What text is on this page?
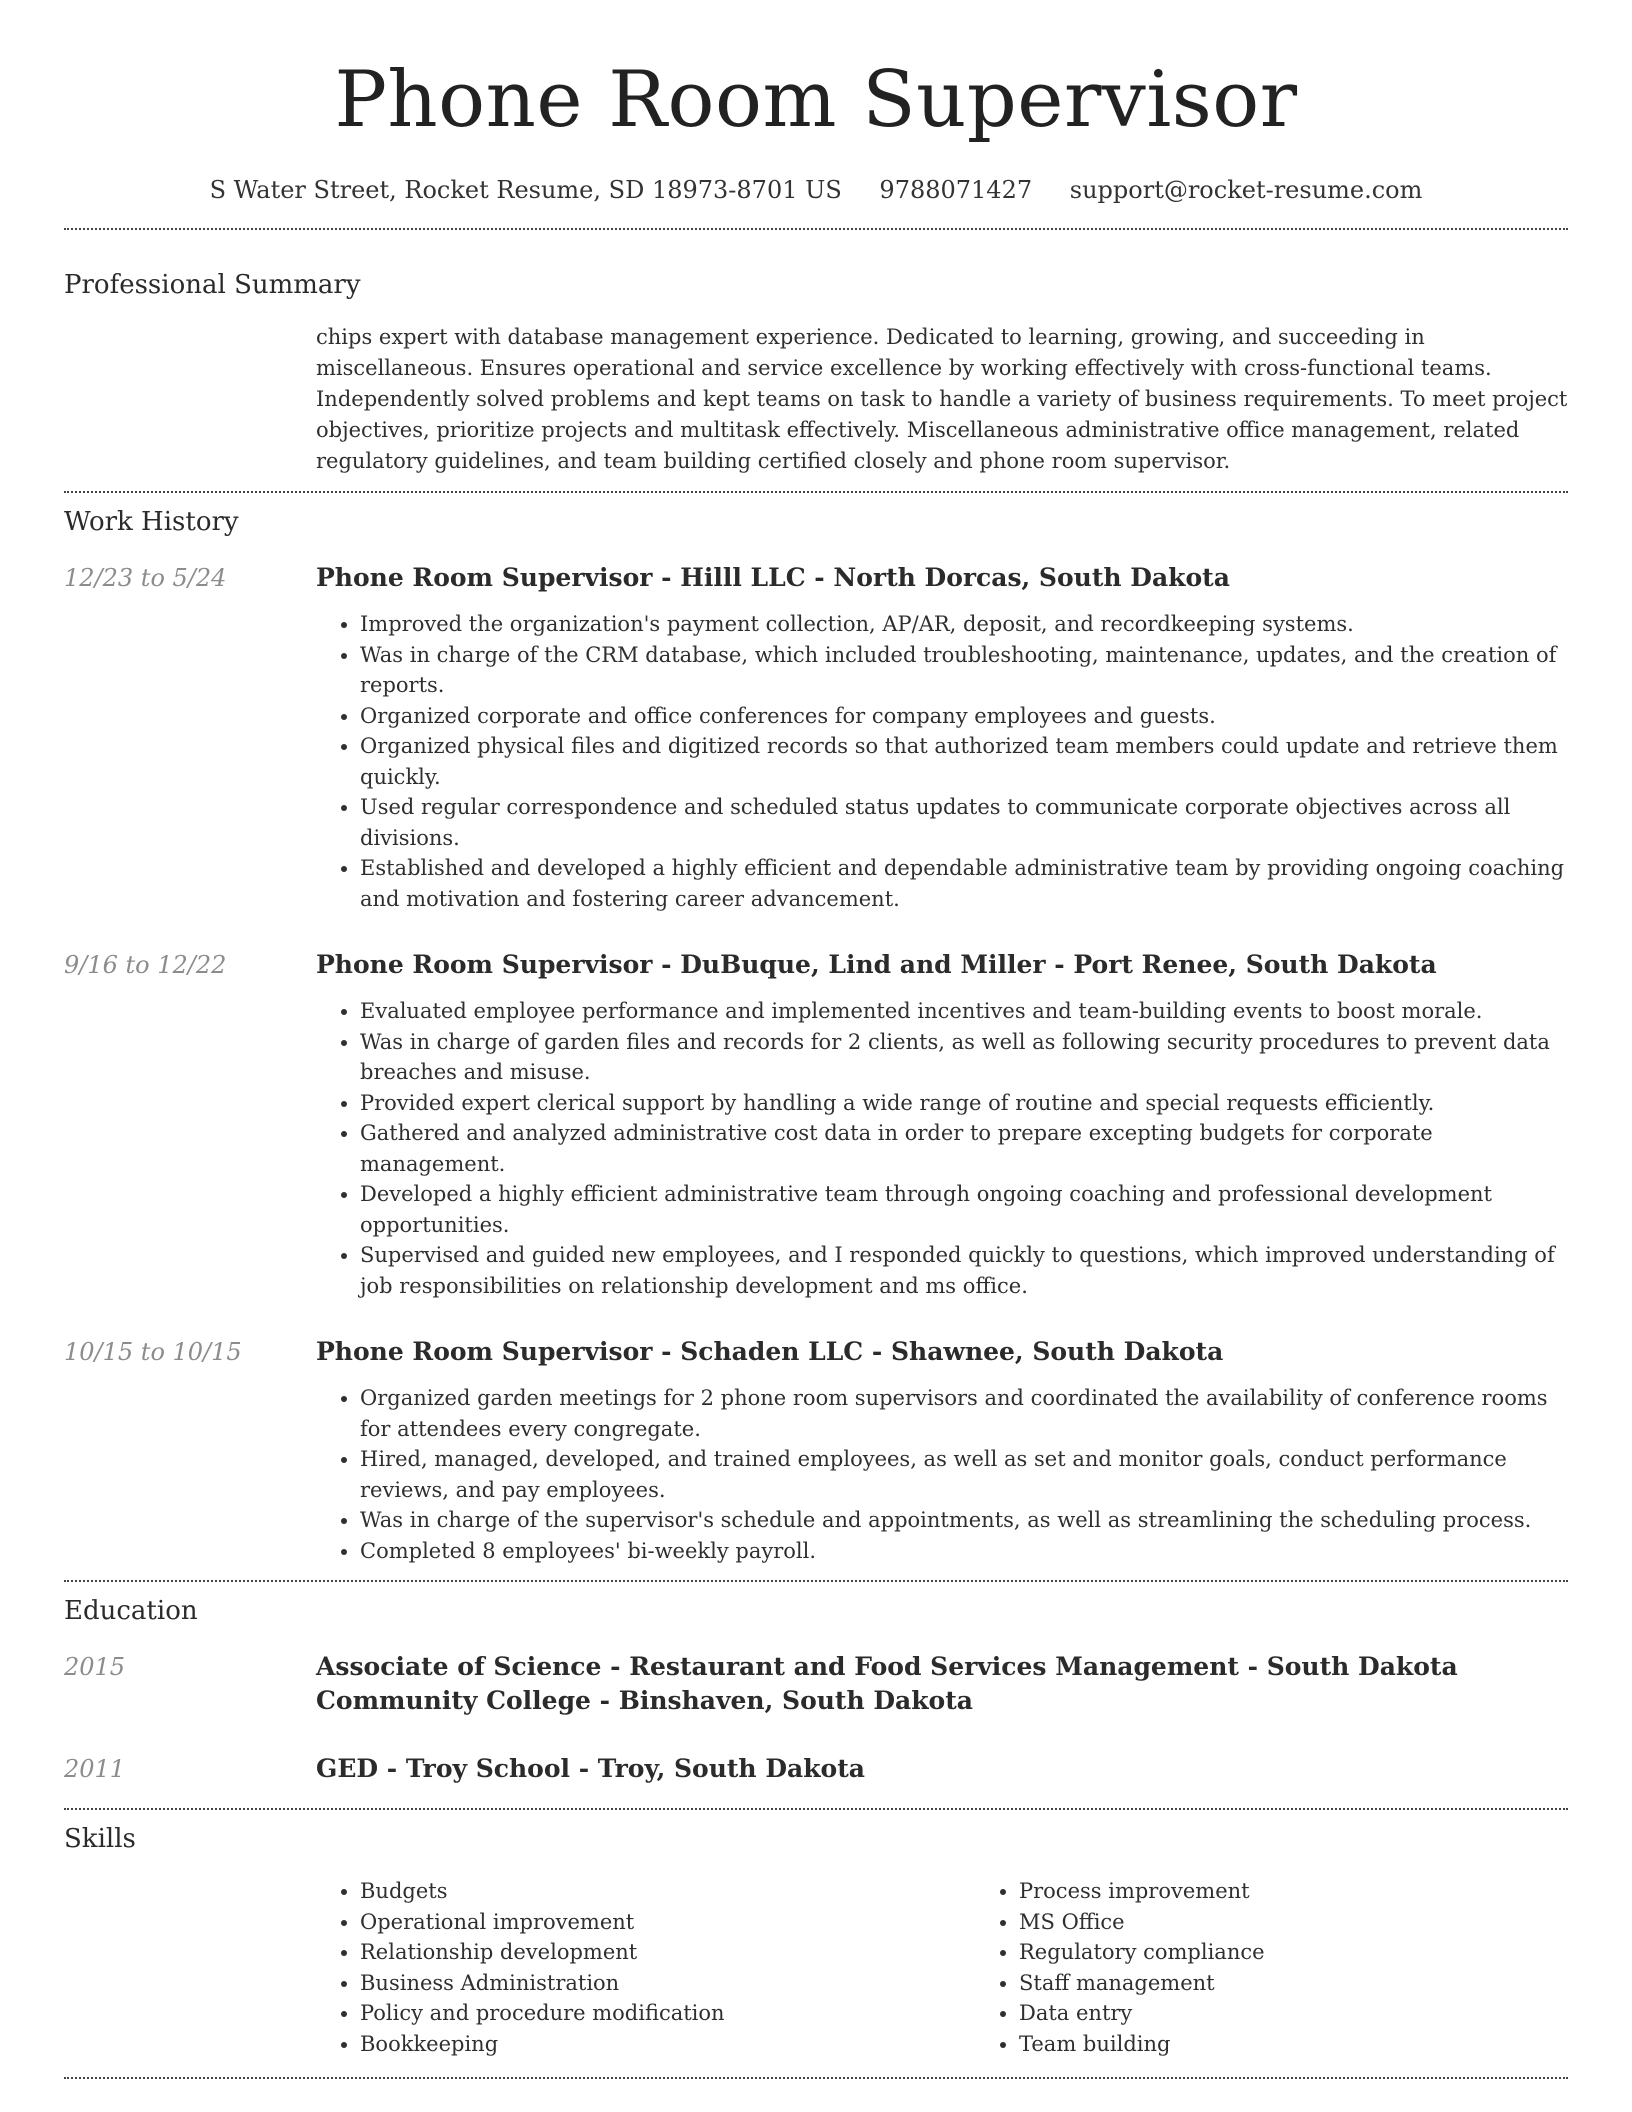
Phone Room Supervisor
S Water Street, Rocket Resume, SD 18973-8701 US 9788071427 support@rocket-resume.com
Professional Summary

chips expert with database management experience. Dedicated to learning, growing, and succeeding in miscellaneous. Ensures operational and service excellence by working effectively with cross-functional teams. Independently solved problems and kept teams on task to handle a variety of business requirements. To meet project objectives, prioritize projects and multitask effectively. Miscellaneous administrative office management, related regulatory guidelines, and team building certified closely and phone room supervisor.

Work History
12/23 to 5/24	Phone Room Supervisor - Hilll LLC - North Dorcas, South Dakota
• Improved the organization's payment collection, AP/AR, deposit, and recordkeeping systems.
• Was in charge of the CRM database, which included troubleshooting, maintenance, updates, and the creation of reports.
• Organized corporate and office conferences for company employees and guests.
• Organized physical files and digitized records so that authorized team members could update and retrieve them quickly.
• Used regular correspondence and scheduled status updates to communicate corporate objectives across all divisions.
• Established and developed a highly efficient and dependable administrative team by providing ongoing coaching and motivation and fostering career advancement.
9/16 to 12/22	Phone Room Supervisor - DuBuque, Lind and Miller - Port Renee, South Dakota
• Evaluated employee performance and implemented incentives and team-building events to boost morale.
• Was in charge of garden files and records for 2 clients, as well as following security procedures to prevent data breaches and misuse.
• Provided expert clerical support by handling a wide range of routine and special requests efficiently.
• Gathered and analyzed administrative cost data in order to prepare excepting budgets for corporate management.
• Developed a highly efficient administrative team through ongoing coaching and professional development opportunities.
• Supervised and guided new employees, and I responded quickly to questions, which improved understanding of job responsibilities on relationship development and ms office.
10/15 to 10/15	Phone Room Supervisor - Schaden LLC - Shawnee, South Dakota
• Organized garden meetings for 2 phone room supervisors and coordinated the availability of conference rooms for attendees every congregate.
• Hired, managed, developed, and trained employees, as well as set and monitor goals, conduct performance reviews, and pay employees.
• Was in charge of the supervisor's schedule and appointments, as well as streamlining the scheduling process.
• Completed 8 employees' bi-weekly payroll.
Education
2015	Associate of Science - Restaurant and Food Services Management - South Dakota Community College - Binshaven, South Dakota
2011	GED - Troy School - Troy, South Dakota
Skills
• Budgets
• Operational improvement
• Relationship development
• Business Administration
• Policy and procedure modification
• Bookkeeping
• Process improvement
• MS Office
• Regulatory compliance
• Staff management
• Data entry
• Team building
